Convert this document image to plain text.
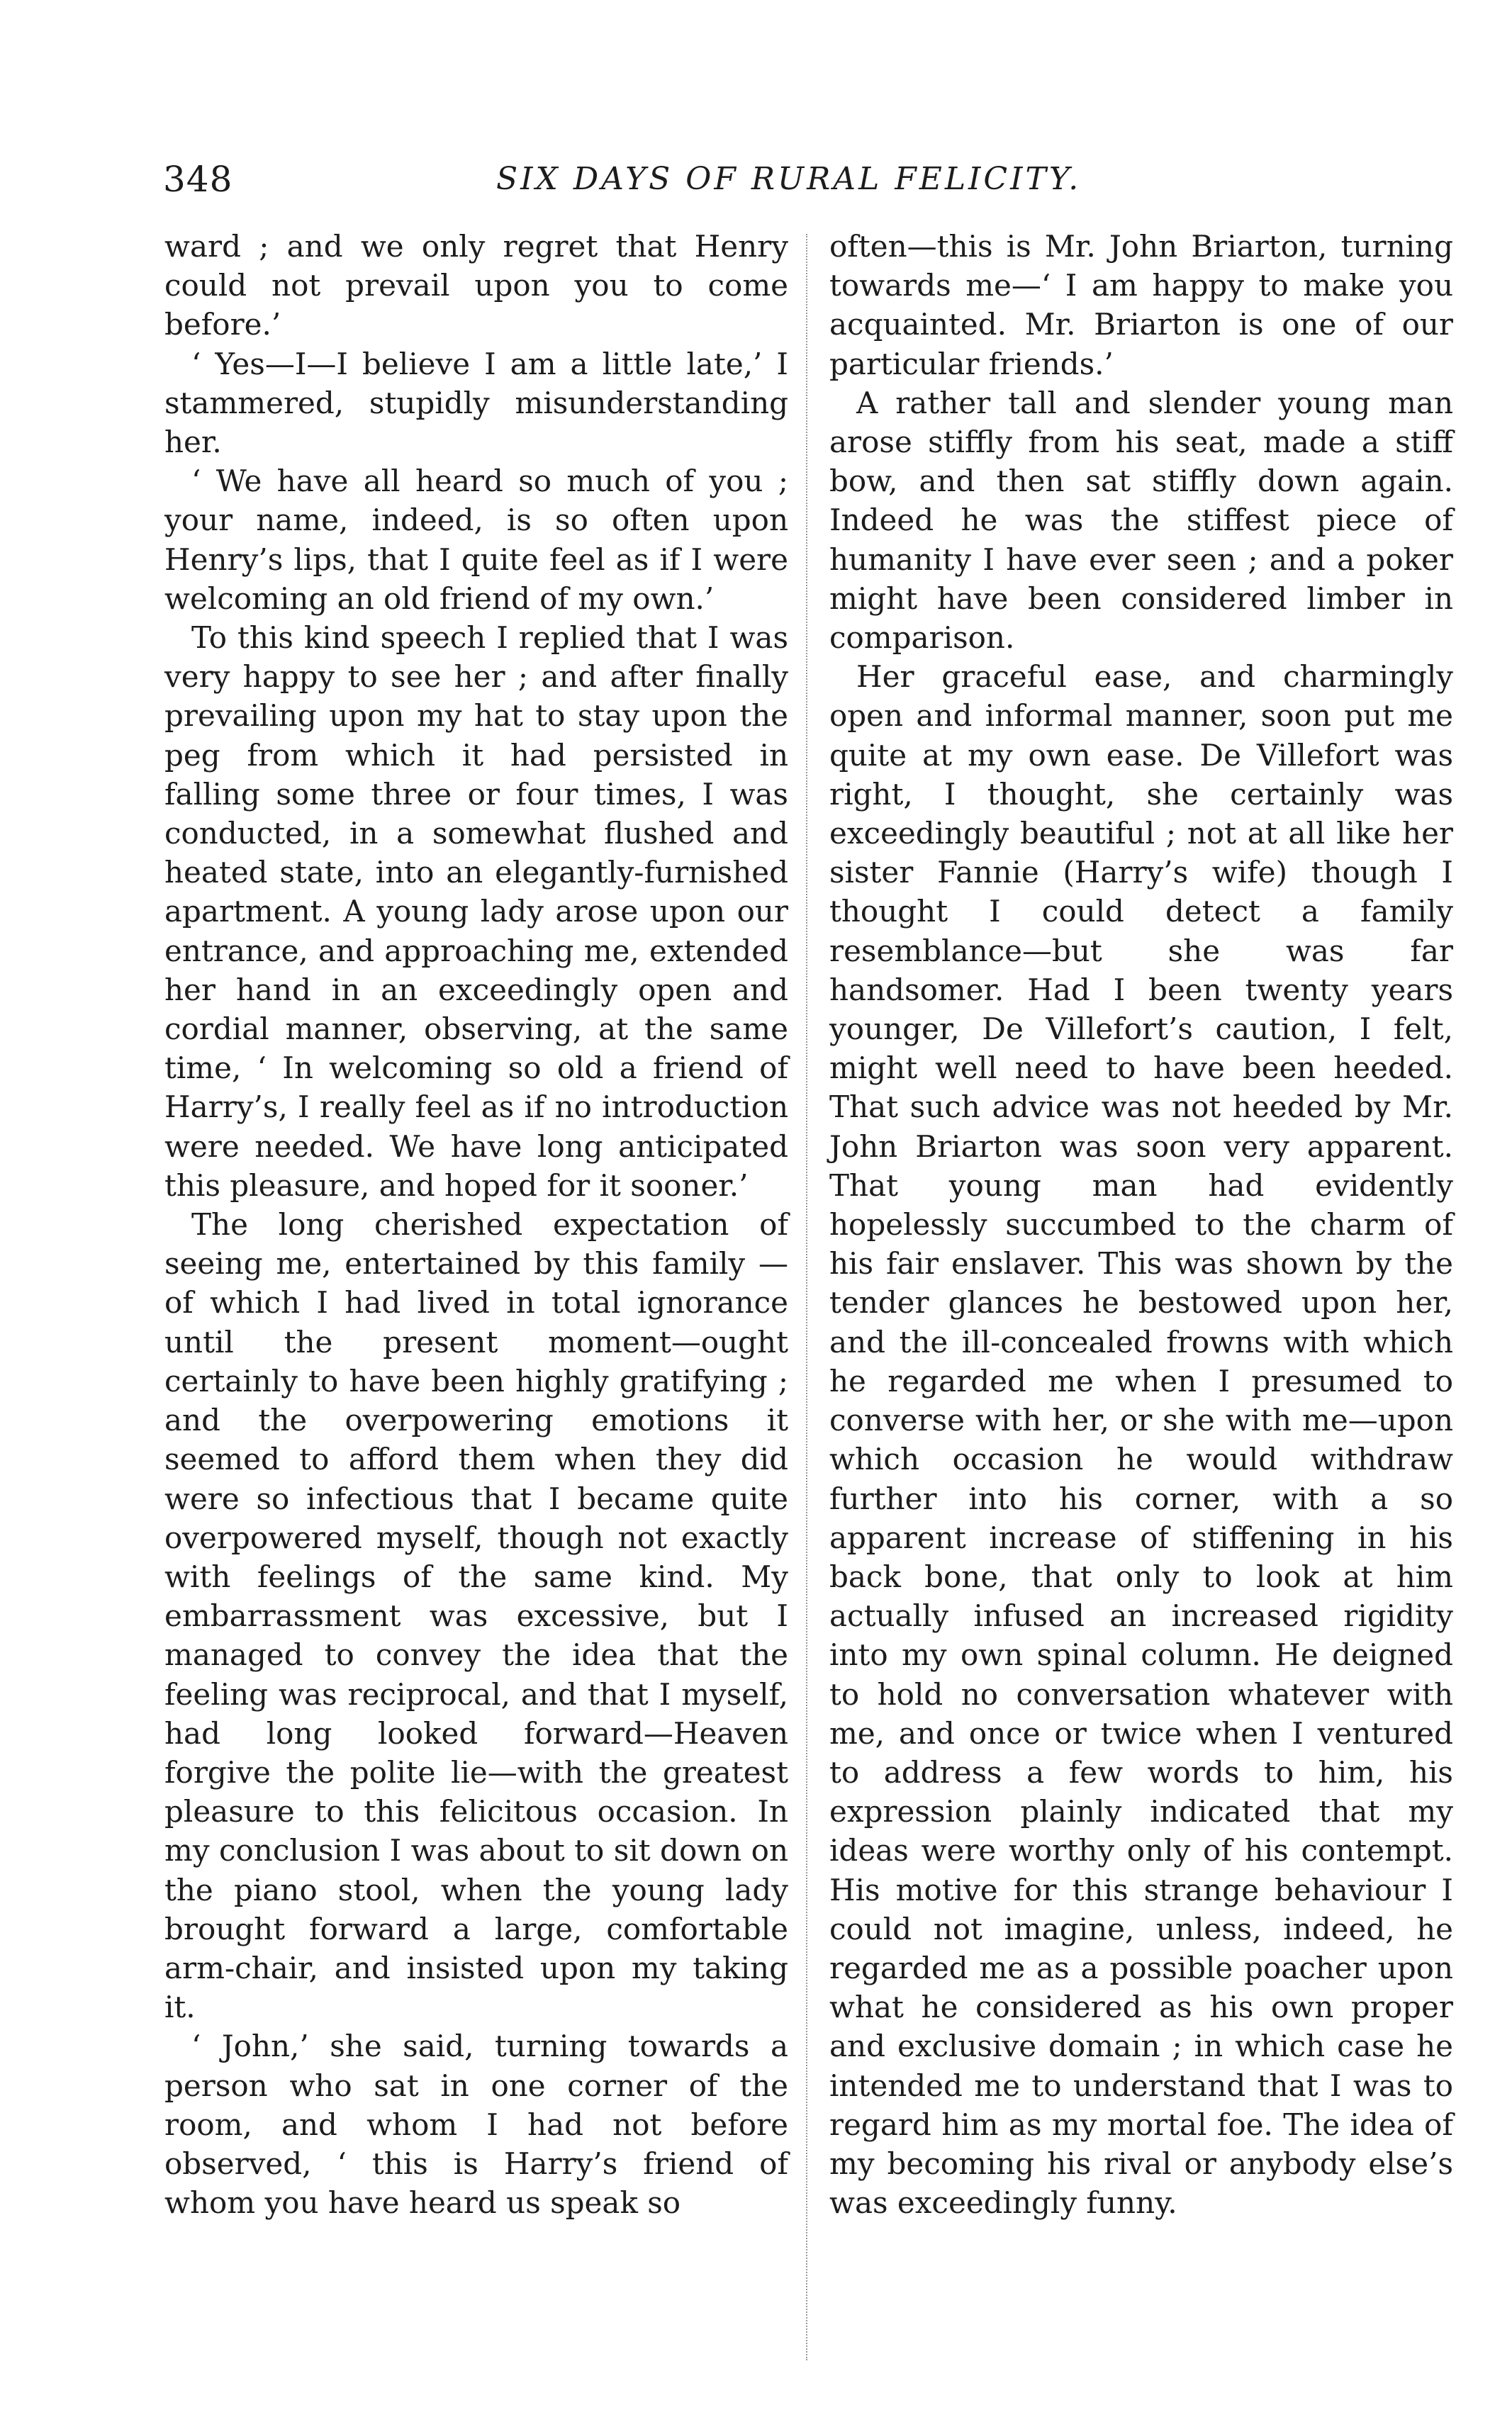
348	SIX DAYS OF RURAL FELICITY.

ward ; and we only regret that Henry could not prevail upon you to come before.’

‘ Yes—I—I believe I am a little late,’ I stammered, stupidly misunderstanding her.

‘ We have all heard so much of you ; your name, indeed, is so often upon Henry’s lips, that I quite feel as if I were welcoming an old friend of my own.’

To this kind speech I replied that I was very happy to see her ; and after finally prevailing upon my hat to stay upon the peg from which it had persisted in falling some three or four times, I was conducted, in a somewhat flushed and heated state, into an elegantly-furnished apartment. A young lady arose upon our entrance, and approaching me, extended her hand in an exceedingly open and cordial manner, observing, at the same time, ‘ In welcoming so old a friend of Harry’s, I really feel as if no introduction were needed. We have long anticipated this pleasure, and hoped for it sooner.’

The long cherished expectation of seeing me, entertained by this family —of which I had lived in total ignorance until the present moment—ought certainly to have been highly gratifying ; and the overpowering emotions it seemed to afford them when they did were so infectious that I became quite overpowered myself, though not exactly with feelings of the same kind. My embarrassment was excessive, but I managed to convey the idea that the feeling was reciprocal, and that I myself, had long looked forward—Heaven forgive the polite lie—with the greatest pleasure to this felicitous occasion. In my conclusion I was about to sit down on the piano stool, when the young lady brought forward a large, comfortable arm-chair, and insisted upon my taking it.

‘ John,’ she said, turning towards a person who sat in one corner of the room, and whom I had not before observed, ‘ this is Harry’s friend of whom you have heard us speak so

often—this is Mr. John Briarton, turning towards me—‘ I am happy to make you acquainted. Mr. Briarton is one of our particular friends.’

A rather tall and slender young man arose stiffly from his seat, made a stiff bow, and then sat stiffly down again. Indeed he was the stiffest piece of humanity I have ever seen ; and a poker might have been considered limber in comparison.

Her graceful ease, and charmingly open and informal manner, soon put me quite at my own ease. De Villefort was right, I thought, she certainly was exceedingly beautiful ; not at all like her sister Fannie (Harry’s wife) though I thought I could detect a family resemblance—but she was far handsomer. Had I been twenty years younger, De Villefort’s caution, I felt, might well need to have been heeded. That such advice was not heeded by Mr. John Briarton was soon very apparent. That young man had evidently hopelessly succumbed to the charm of his fair enslaver. This was shown by the tender glances he bestowed upon her, and the ill-concealed frowns with which he regarded me when I presumed to converse with her, or she with me—upon which occasion he would withdraw further into his corner, with a so apparent increase of stiffening in his back bone, that only to look at him actually infused an increased rigidity into my own spinal column. He deigned to hold no conversation whatever with me, and once or twice when I ventured to address a few words to him, his expression plainly indicated that my ideas were worthy only of his contempt. His motive for this strange behaviour I could not imagine, unless, indeed, he regarded me as a possible poacher upon what he considered as his own proper and exclusive domain ; in which case he intended me to understand that I was to regard him as my mortal foe. The idea of my becoming his rival or anybody else’s was exceedingly funny.
